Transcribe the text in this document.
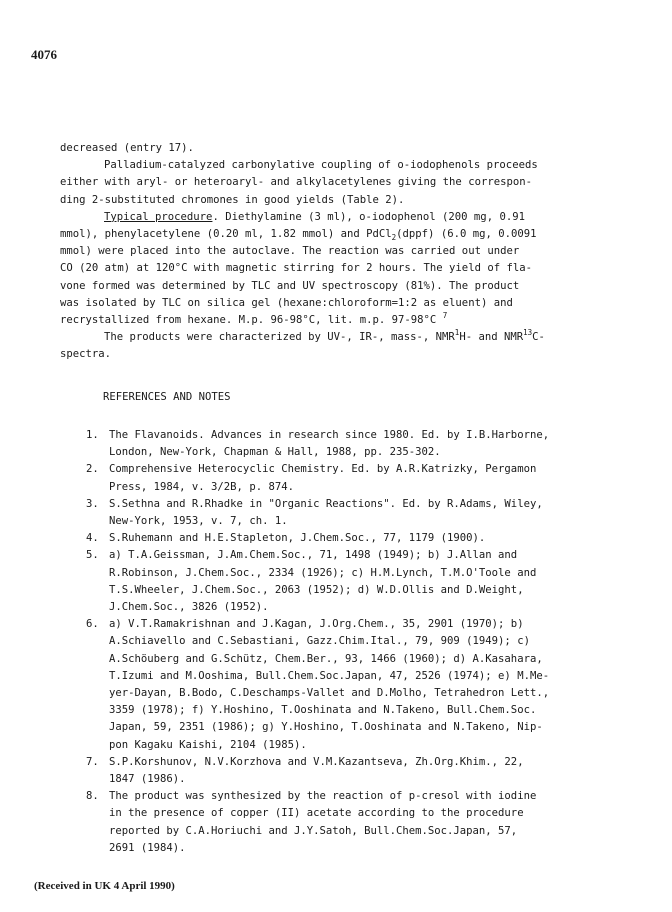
4076
decreased (entry 17).
Palladium-catalyzed carbonylative coupling of o-iodophenols proceeds
either with aryl- or heteroaryl- and alkylacetylenes giving the correspon-
ding 2-substituted chromones in good yields (Table 2).
Typical procedure. Diethylamine (3 ml), o-iodophenol (200 mg, 0.91
mmol), phenylacetylene (0.20 ml, 1.82 mmol) and PdCl$_2$(dppf) (6.0 mg, 0.0091
mmol) were placed into the autoclave. The reaction was carried out under
CO (20 atm) at 120°C with magnetic stirring for 2 hours. The yield of fla-
vone formed was determined by TLC and UV spectroscopy (81%). The product
was isolated by TLC on silica gel (hexane:chloroform=1:2 as eluent) and
recrystallized from hexane. M.p. 96-98°C, lit. m.p. 97-98°C $^7$
The products were characterized by UV-, IR-, mass-, NMR$^1$H- and NMR$^{13}$C-
spectra.
REFERENCES AND NOTES
1. The Flavanoids. Advances in research since 1980. Ed. by I.B.Harborne,
London, New-York, Chapman & Hall, 1988, pp. 235-302.
2. Comprehensive Heterocyclic Chemistry. Ed. by A.R.Katrizky, Pergamon
Press, 1984, v. 3/2B, p. 874.
3. S.Sethna and R.Rhadke in "Organic Reactions". Ed. by R.Adams, Wiley,
New-York, 1953, v. 7, ch. 1.
4. S.Ruhemann and H.E.Stapleton, J.Chem.Soc., 77, 1179 (1900).
5. a) T.A.Geissman, J.Am.Chem.Soc., 71, 1498 (1949); b) J.Allan and
R.Robinson, J.Chem.Soc., 2334 (1926); c) H.M.Lynch, T.M.O'Toole and
T.S.Wheeler, J.Chem.Soc., 2063 (1952); d) W.D.Ollis and D.Weight,
J.Chem.Soc., 3826 (1952).
6. a) V.T.Ramakrishnan and J.Kagan, J.Org.Chem., 35, 2901 (1970); b)
A.Schiavello and C.Sebastiani, Gazz.Chim.Ital., 79, 909 (1949); c)
A.Schöuberg and G.Schütz, Chem.Ber., 93, 1466 (1960); d) A.Kasahara,
T.Izumi and M.Ooshima, Bull.Chem.Soc.Japan, 47, 2526 (1974); e) M.Me-
yer-Dayan, B.Bodo, C.Deschamps-Vallet and D.Molho, Tetrahedron Lett.,
3359 (1978); f) Y.Hoshino, T.Ooshinata and N.Takeno, Bull.Chem.Soc.
Japan, 59, 2351 (1986); g) Y.Hoshino, T.Ooshinata and N.Takeno, Nip-
pon Kagaku Kaishi, 2104 (1985).
7. S.P.Korshunov, N.V.Korzhova and V.M.Kazantseva, Zh.Org.Khim., 22,
1847 (1986).
8. The product was synthesized by the reaction of p-cresol with iodine
in the presence of copper (II) acetate according to the procedure
reported by C.A.Horiuchi and J.Y.Satoh, Bull.Chem.Soc.Japan, 57,
2691 (1984).
(Received in UK 4 April 1990)
